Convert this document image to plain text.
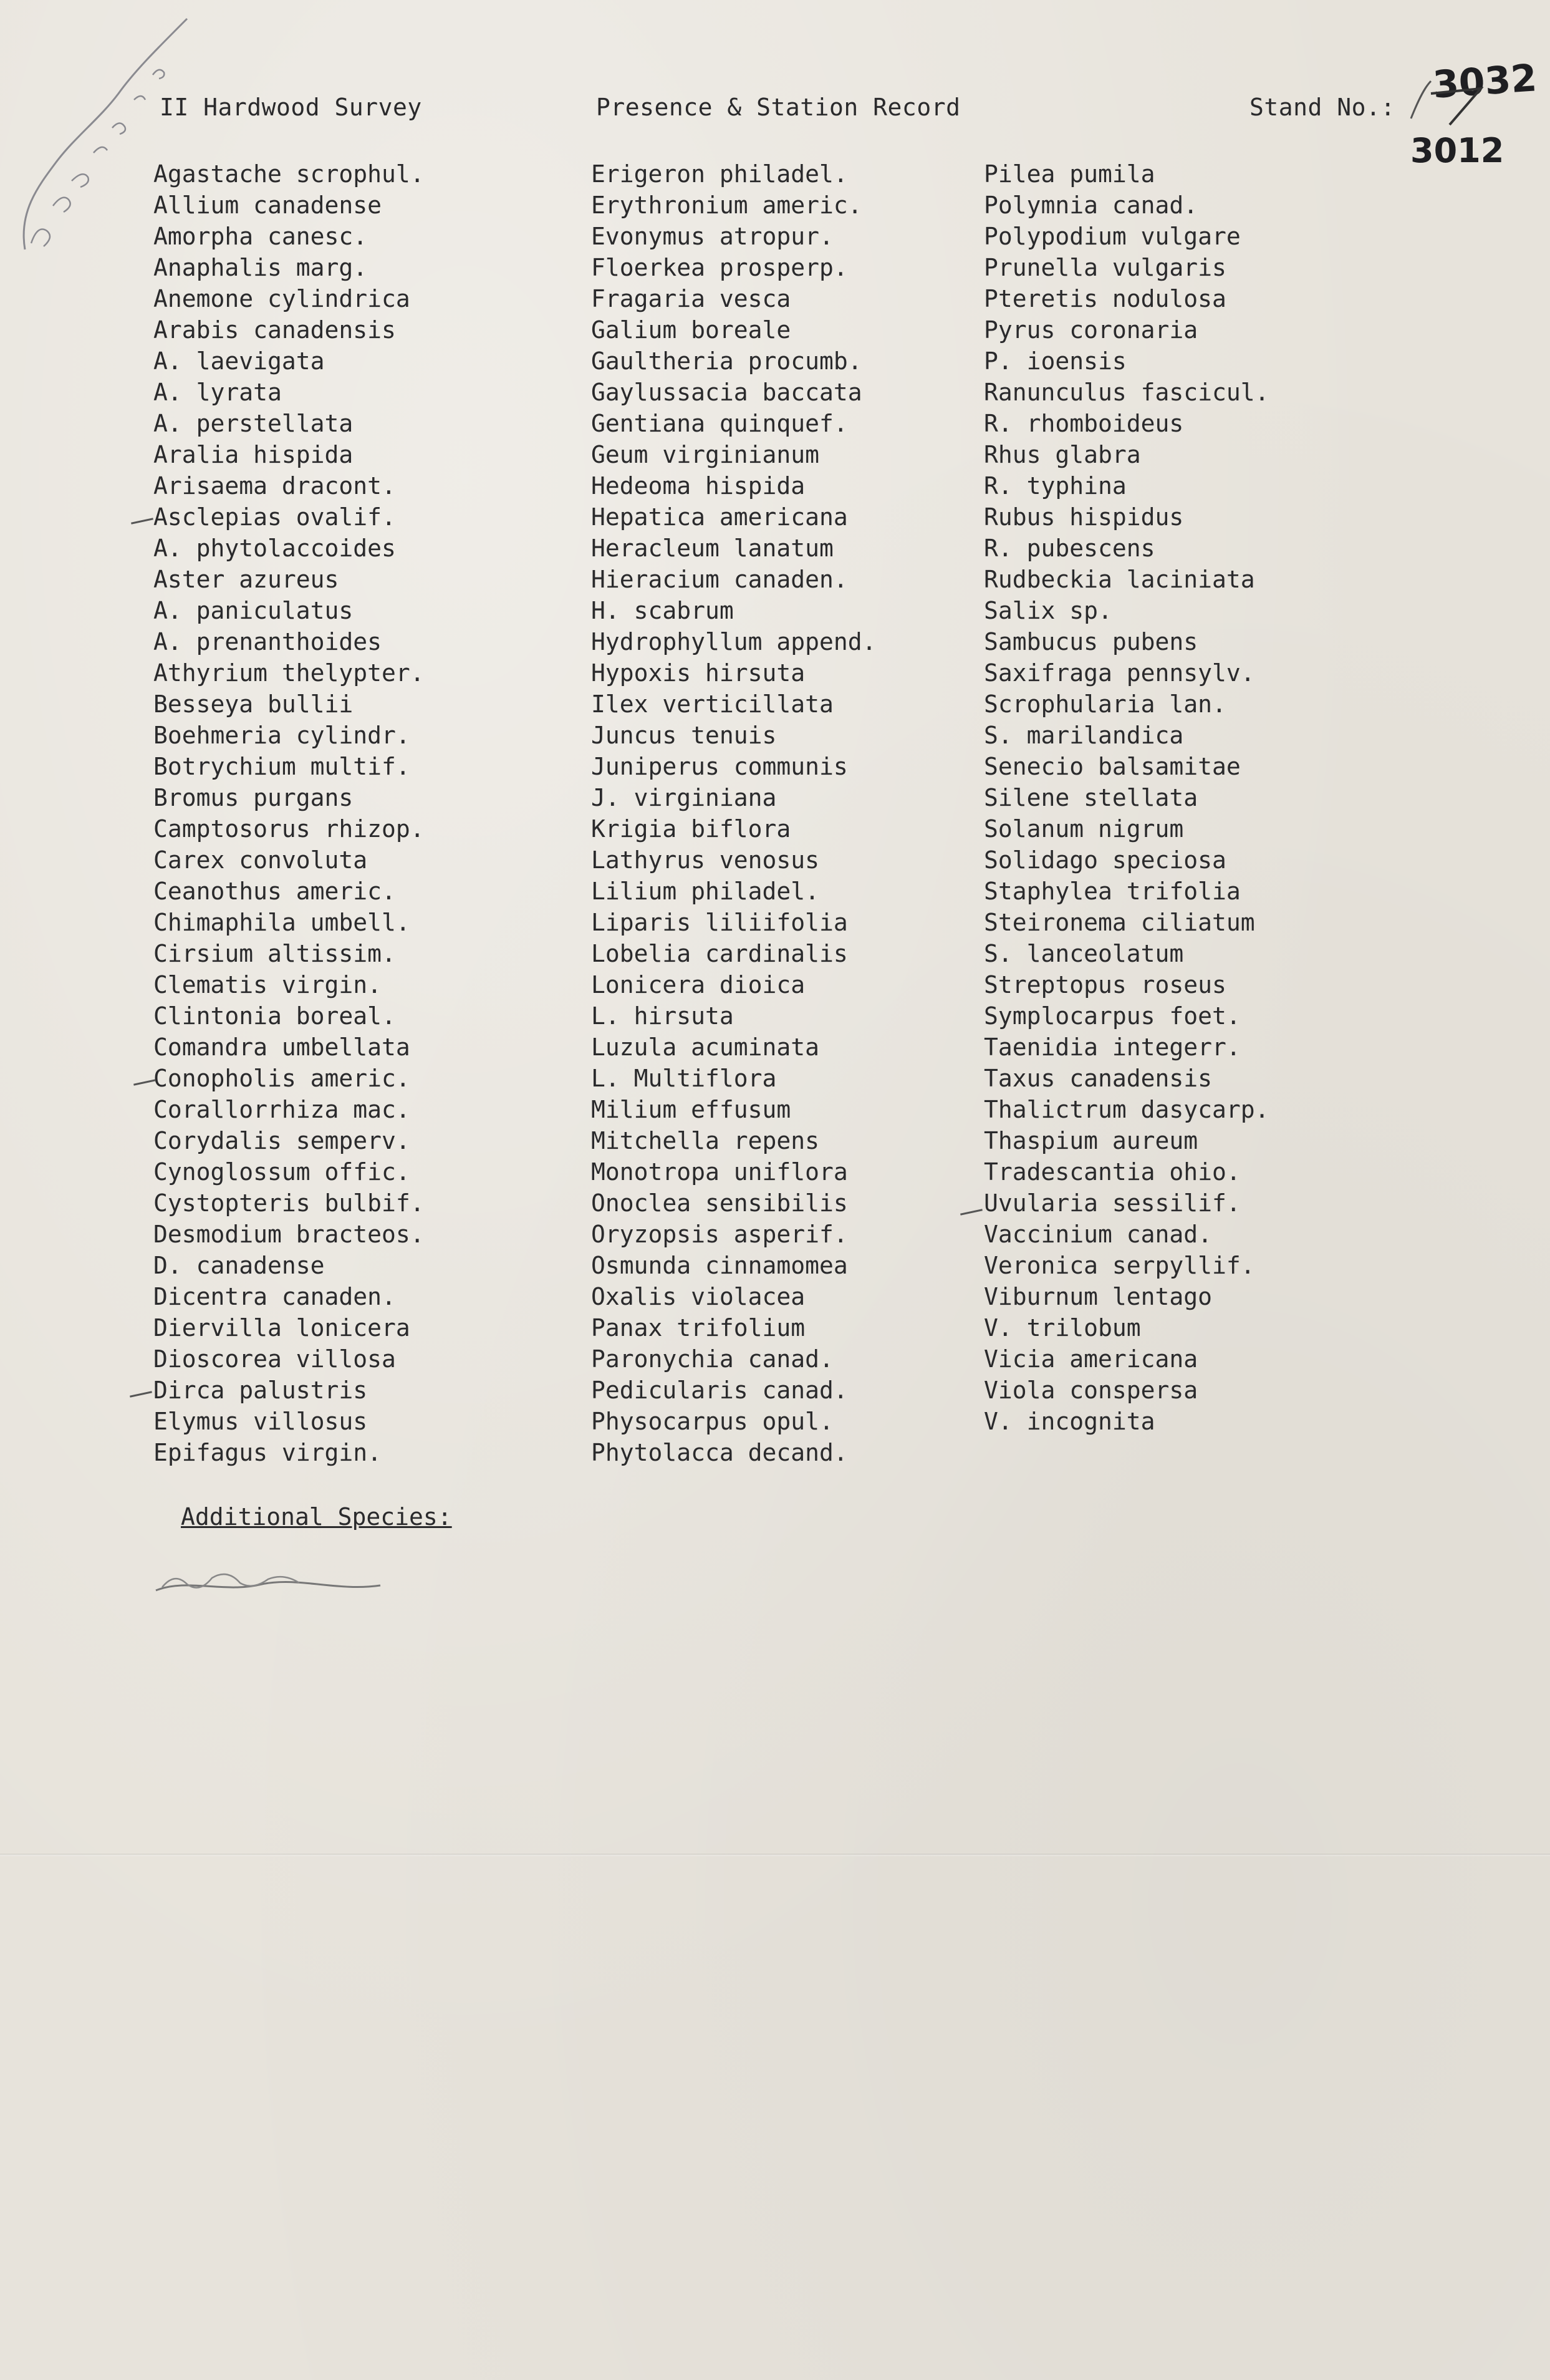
II Hardwood Survey	Presence & Station Record	Stand No.:
3032
3012
Agastache scrophul.
Allium canadense
Amorpha canesc.
Anaphalis marg.
Anemone cylindrica
Arabis canadensis
A. laevigata
A. lyrata
A. perstellata
Aralia hispida
Arisaema dracont.
Asclepias ovalif.
A. phytolaccoides
Aster azureus
A. paniculatus
A. prenanthoides
Athyrium thelypter.
Besseya bullii
Boehmeria cylindr.
Botrychium multif.
Bromus purgans
Camptosorus rhizop.
Carex convoluta
Ceanothus americ.
Chimaphila umbell.
Cirsium altissim.
Clematis virgin.
Clintonia boreal.
Comandra umbellata
Conopholis americ.
Corallorrhiza mac.
Corydalis semperv.
Cynoglossum offic.
Cystopteris bulbif.
Desmodium bracteos.
D. canadense
Dicentra canaden.
Diervilla lonicera
Dioscorea villosa
Dirca palustris
Elymus villosus
Epifagus virgin.
Erigeron philadel.
Erythronium americ.
Evonymus atropur.
Floerkea prosperp.
Fragaria vesca
Galium boreale
Gaultheria procumb.
Gaylussacia baccata
Gentiana quinquef.
Geum virginianum
Hedeoma hispida
Hepatica americana
Heracleum lanatum
Hieracium canaden.
H. scabrum
Hydrophyllum append.
Hypoxis hirsuta
Ilex verticillata
Juncus tenuis
Juniperus communis
J. virginiana
Krigia biflora
Lathyrus venosus
Lilium philadel.
Liparis liliifolia
Lobelia cardinalis
Lonicera dioica
L. hirsuta
Luzula acuminata
L. Multiflora
Milium effusum
Mitchella repens
Monotropa uniflora
Onoclea sensibilis
Oryzopsis asperif.
Osmunda cinnamomea
Oxalis violacea
Panax trifolium
Paronychia canad.
Pedicularis canad.
Physocarpus opul.
Phytolacca decand.
Pilea pumila
Polymnia canad.
Polypodium vulgare
Prunella vulgaris
Pteretis nodulosa
Pyrus coronaria
P. ioensis
Ranunculus fascicul.
R. rhomboideus
Rhus glabra
R. typhina
Rubus hispidus
R. pubescens
Rudbeckia laciniata
Salix sp.
Sambucus pubens
Saxifraga pennsylv.
Scrophularia lan.
S. marilandica
Senecio balsamitae
Silene stellata
Solanum nigrum
Solidago speciosa
Staphylea trifolia
Steironema ciliatum
S. lanceolatum
Streptopus roseus
Symplocarpus foet.
Taenidia integerr.
Taxus canadensis
Thalictrum dasycarp.
Thaspium aureum
Tradescantia ohio.
Uvularia sessilif.
Vaccinium canad.
Veronica serpyllif.
Viburnum lentago
V. trilobum
Vicia americana
Viola conspersa
V. incognita
Additional Species:
